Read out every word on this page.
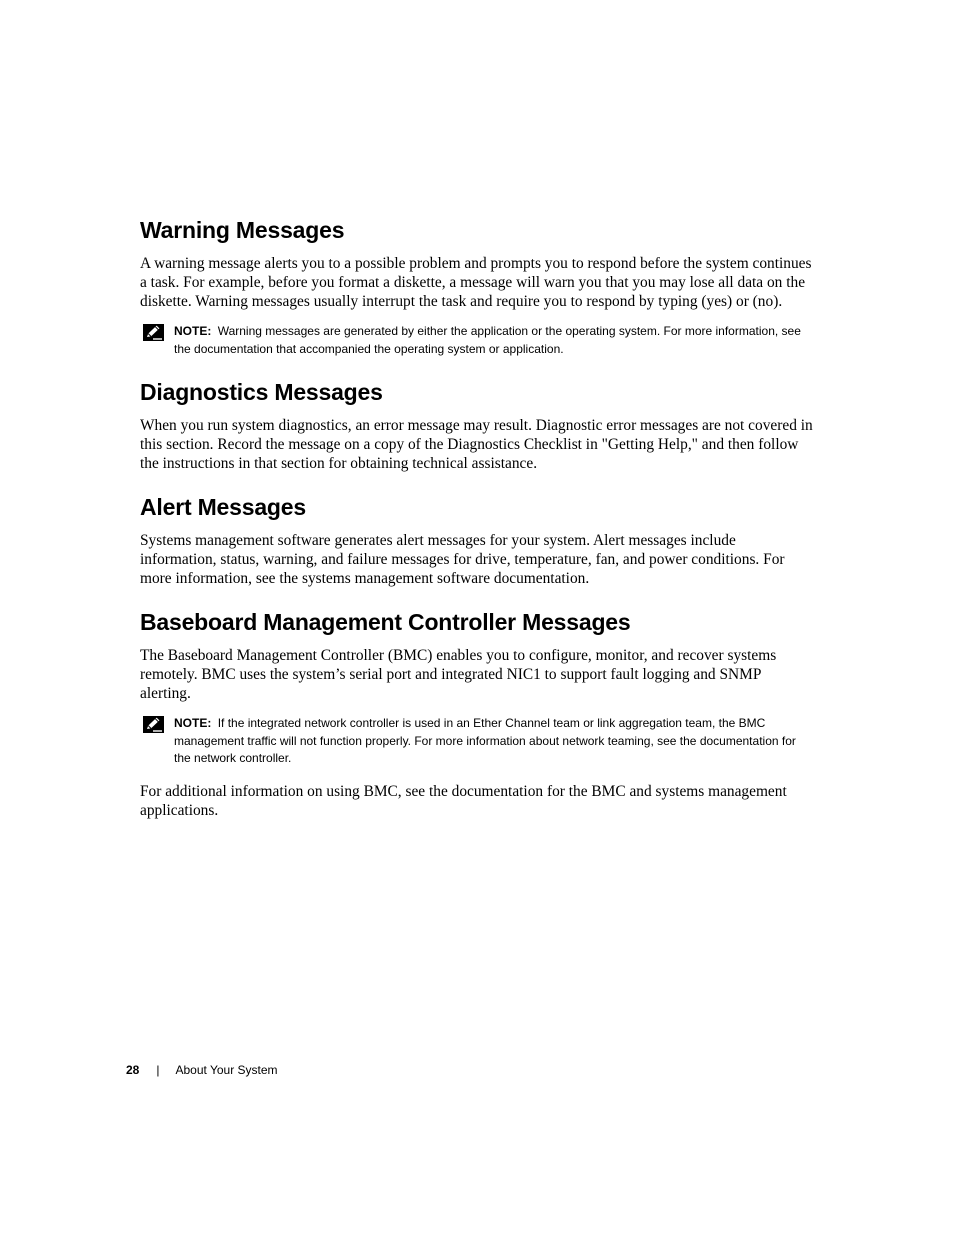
Warning Messages

A warning message alerts you to a possible problem and prompts you to respond before the system continues a task. For example, before you format a diskette, a message will warn you that you may lose all data on the diskette. Warning messages usually interrupt the task and require you to respond by typing (yes) or (no).

NOTE: Warning messages are generated by either the application or the operating system. For more information, see the documentation that accompanied the operating system or application.
Diagnostics Messages

When you run system diagnostics, an error message may result. Diagnostic error messages are not covered in this section. Record the message on a copy of the Diagnostics Checklist in "Getting Help," and then follow the instructions in that section for obtaining technical assistance.

Alert Messages

Systems management software generates alert messages for your system. Alert messages include information, status, warning, and failure messages for drive, temperature, fan, and power conditions. For more information, see the systems management software documentation.

Baseboard Management Controller Messages

The Baseboard Management Controller (BMC) enables you to configure, monitor, and recover systems remotely. BMC uses the system’s serial port and integrated NIC1 to support fault logging and SNMP alerting.

NOTE: If the integrated network controller is used in an Ether Channel team or link aggregation team, the BMC management traffic will not function properly. For more information about network teaming, see the documentation for the network controller.

For additional information on using BMC, see the documentation for the BMC and systems management applications.

28 | About Your System
